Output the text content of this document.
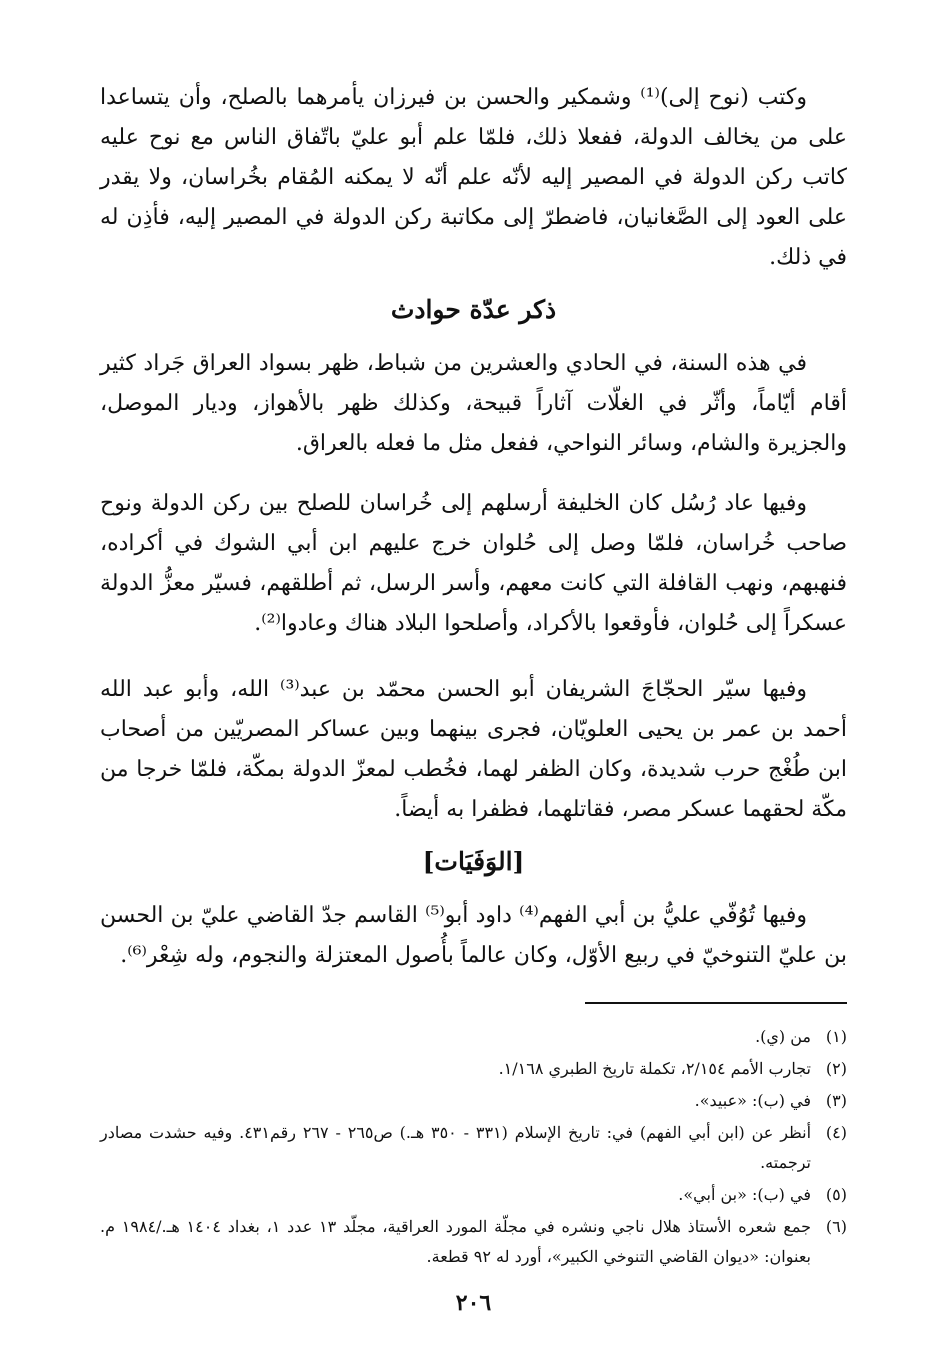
وكتب (نوح إلى)⁽¹⁾ وشمكير والحسن بن فيرزان يأمرهما بالصلح، وأن يتساعدا على من يخالف الدولة، ففعلا ذلك، فلمّا علم أبو عليّ باتّفاق الناس مع نوح عليه كاتب ركن الدولة في المصير إليه لأنّه علم أنّه لا يمكنه المُقام بخُراسان، ولا يقدر على العود إلى الصَّغانيان، فاضطرّ إلى مكاتبة ركن الدولة في المصير إليه، فأذِن له في ذلك.

ذكر عدّة حوادث

في هذه السنة، في الحادي والعشرين من شباط، ظهر بسواد العراق جَراد كثير أقام أيّاماً، وأثّر في الغلّات آثاراً قبيحة، وكذلك ظهر بالأهواز، وديار الموصل، والجزيرة والشام، وسائر النواحي، ففعل مثل ما فعله بالعراق.

وفيها عاد رُسُل كان الخليفة أرسلهم إلى خُراسان للصلح بين ركن الدولة ونوح صاحب خُراسان، فلمّا وصل إلى حُلوان خرج عليهم ابن أبي الشوك في أكراده، فنهبهم، ونهب القافلة التي كانت معهم، وأسر الرسل، ثم أطلقهم، فسيّر معزُّ الدولة عسكراً إلى حُلوان، فأوقعوا بالأكراد، وأصلحوا البلاد هناك وعادوا⁽²⁾.

وفيها سيّر الحجّاجَ الشريفان أبو الحسن محمّد بن عبد⁽³⁾ الله، وأبو عبد الله أحمد بن عمر بن يحيى العلويّان، فجرى بينهما وبين عساكر المصريّين من أصحاب ابن طُغْج حرب شديدة، وكان الظفر لهما، فخُطب لمعزّ الدولة بمكّة، فلمّا خرجا من مكّة لحقهما عسكر مصر، فقاتلهما، فظفرا به أيضاً.

[الوَفَيَات]

وفيها تُوُفّي عليُّ بن أبي الفهم⁽⁴⁾ داود أبو⁽⁵⁾ القاسم جدّ القاضي عليّ بن الحسن بن عليّ التنوخيّ في ربيع الأوّل، وكان عالماً بأُصول المعتزلة والنجوم، وله شِعْر⁽⁶⁾.

(١)
من (ي).
(٢)
تجارب الأمم ٢/١٥٤، تكملة تاريخ الطبري ١/١٦٨.
(٣)
في (ب): «عبيد».
(٤)
أنظر عن (ابن أبي الفهم) في: تاريخ الإسلام (٣٣١ - ٣٥٠ هـ.) ص٢٦٥ - ٢٦٧ رقم٤٣١. وفيه حشدت مصادر ترجمته.
(٥)
في (ب): «بن أبي».
(٦)
جمع شعره الأستاذ هلال ناجي ونشره في مجلّة المورد العراقية، مجلّد ١٣ عدد ١، بغداد ١٤٠٤ هـ./١٩٨٤ م. بعنوان: «ديوان القاضي التنوخي الكبير»، أورد له ٩٢ قطعة.
٢٠٦
